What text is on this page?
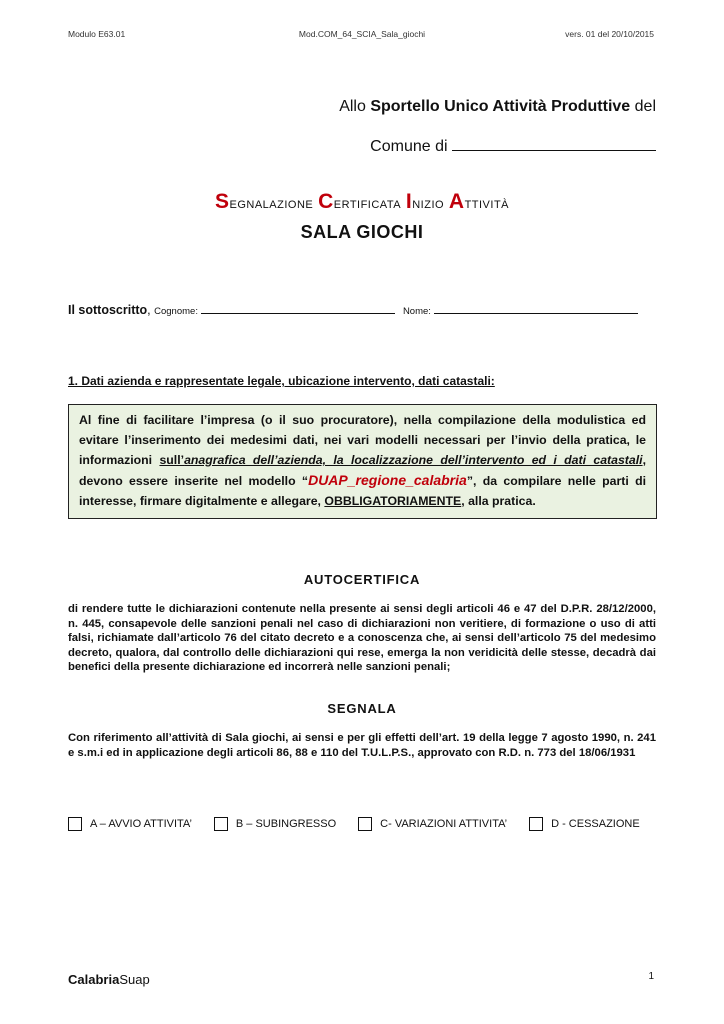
Modulo E63.01	Mod.COM_64_SCIA_Sala_giochi	vers. 01 del 20/10/2015
Allo Sportello Unico Attività Produttive del
Comune di
Segnalazione Certificata Inizio Attività
SALA GIOCHI
Il sottoscritto, Cognome:	Nome:
1. Dati azienda e rappresentate legale, ubicazione intervento, dati catastali:
Al fine di facilitare l’impresa (o il suo procuratore), nella compilazione della modulistica ed evitare l’inserimento dei medesimi dati, nei vari modelli necessari per l’invio della pratica, le informazioni sull’anagrafica dell’azienda, la localizzazione dell’intervento ed i dati catastali, devono essere inserite nel modello “DUAP_regione_calabria”, da compilare nelle parti di interesse, firmare digitalmente e allegare, OBBLIGATORIAMENTE, alla pratica.
AUTOCERTIFICA
di rendere tutte le dichiarazioni contenute nella presente ai sensi degli articoli 46 e 47 del D.P.R. 28/12/2000, n. 445, consapevole delle sanzioni penali nel caso di dichiarazioni non veritiere, di formazione o uso di atti falsi, richiamate dall’articolo 76 del citato decreto e a conoscenza che, ai sensi dell’articolo 75 del medesimo decreto, qualora, dal controllo delle dichiarazioni qui rese, emerga la non veridicità delle stesse, decadrà dai benefici della presente dichiarazione ed incorrerà nelle sanzioni penali;
SEGNALA
Con riferimento all’attività di Sala giochi, ai sensi e per gli effetti dell’art. 19 della legge 7 agosto 1990, n. 241 e s.m.i ed in applicazione degli articoli 86, 88 e 110 del T.U.L.P.S., approvato con R.D. n. 773 del 18/06/1931
A – AVVIO ATTIVITA’	B – SUBINGRESSO	C- VARIAZIONI ATTIVITA’	D - CESSAZIONE
CalabriaSuap	1
